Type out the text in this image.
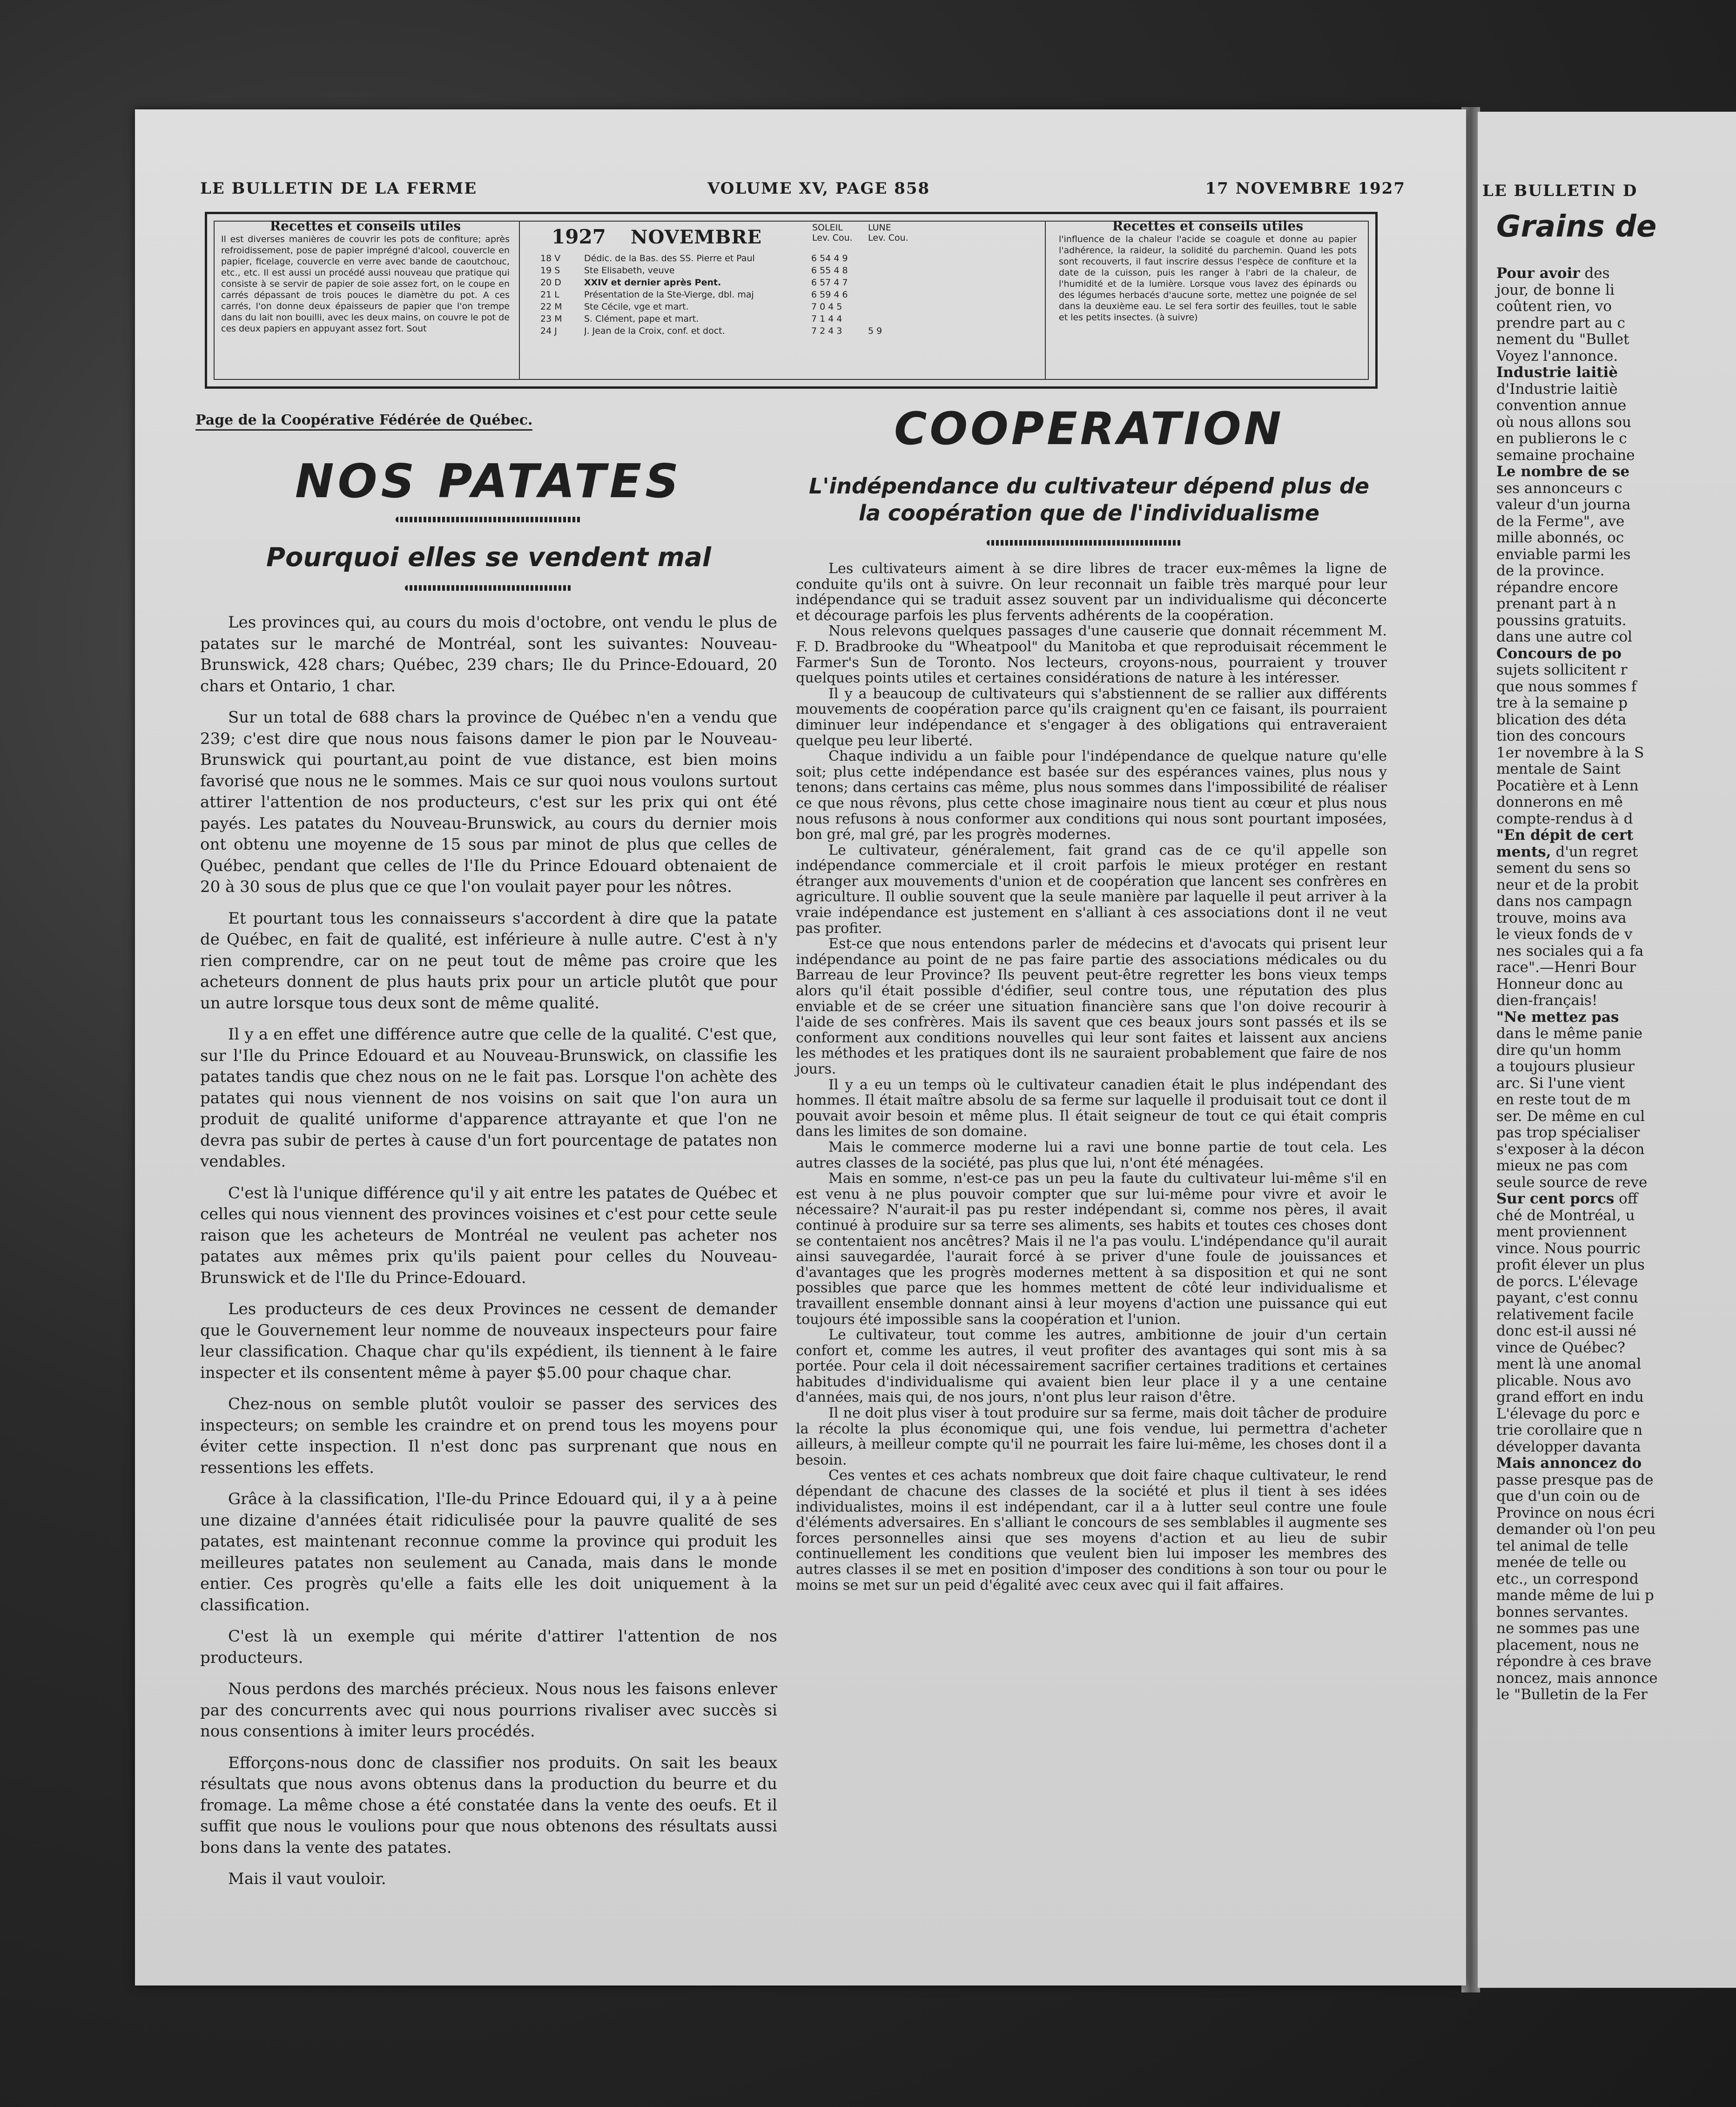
LE BULLETIN DE LA FERME	VOLUME XV, PAGE 858	17 NOVEMBRE 1927
Recettes et conseils utiles

Il est diverses manières de couvrir les pots de confiture; après refroidissement, pose de papier imprégné d'alcool, couvercle en papier, ficelage, couvercle en verre avec bande de caoutchouc, etc., etc. Il est aussi un procédé aussi nouveau que pratique qui consiste à se servir de papier de soie assez fort, on le coupe en carrés dépassant de trois pouces le diamètre du pot. A ces carrés, l'on donne deux épaisseurs de papier que l'on trempe dans du lait non bouilli, avec les deux mains, on couvre le pot de ces deux papiers en appuyant assez fort. Sout

1927 NOVEMBRE	SOLEIL
Lev. Cou.
LUNE
Lev. Cou.
18 V	Dédic. de la Bas. des SS. Pierre et Paul	6 54 4 9
19 S	Ste Elisabeth, veuve	6 55 4 8
20 D	XXIV et dernier après Pent.	6 57 4 7
21 L	Présentation de la Ste-Vierge, dbl. maj	6 59 4 6
22 M Ste Cécile, vge et mart.	7 0 4 5
23 M S. Clément, pape et mart.	7 1 4 4
24 J	J. Jean de la Croix, conf. et doct.	7 2 4 3	5 9
Recettes et conseils utiles

l'influence de la chaleur l'acide se coagule et donne au papier l'adhérence, la raideur, la solidité du parchemin. Quand les pots sont recouverts, il faut inscrire dessus l'espèce de confiture et la date de la cuisson, puis les ranger à l'abri de la chaleur, de l'humidité et de la lumière. Lorsque vous lavez des épinards ou des légumes herbacés d'aucune sorte, mettez une poignée de sel dans la deuxième eau. Le sel fera sortir des feuilles, tout le sable et les petits insectes. (à suivre)

Page de la Coopérative Fédérée de Québec.
NOS PATATES
Pourquoi elles se vendent mal

Les provinces qui, au cours du mois d'octobre, ont vendu le plus de patates sur le marché de Montréal, sont les suivantes: Nouveau-Brunswick, 428 chars; Québec, 239 chars; Ile du Prince-Edouard, 20 chars et Ontario, 1 char.

Sur un total de 688 chars la province de Québec n'en a vendu que 239; c'est dire que nous nous faisons damer le pion par le Nouveau-Brunswick qui pourtant,au point de vue distance, est bien moins favorisé que nous ne le sommes. Mais ce sur quoi nous voulons surtout attirer l'attention de nos producteurs, c'est sur les prix qui ont été payés. Les patates du Nouveau-Brunswick, au cours du dernier mois ont obtenu une moyenne de 15 sous par minot de plus que celles de Québec, pendant que celles de l'Ile du Prince Edouard obtenaient de 20 à 30 sous de plus que ce que l'on voulait payer pour les nôtres.

Et pourtant tous les connaisseurs s'accordent à dire que la patate de Québec, en fait de qualité, est inférieure à nulle autre. C'est à n'y rien comprendre, car on ne peut tout de même pas croire que les acheteurs donnent de plus hauts prix pour un article plutôt que pour un autre lorsque tous deux sont de même qualité.

Il y a en effet une différence autre que celle de la qualité. C'est que, sur l'Ile du Prince Edouard et au Nouveau-Brunswick, on classifie les patates tandis que chez nous on ne le fait pas. Lorsque l'on achète des patates qui nous viennent de nos voisins on sait que l'on aura un produit de qualité uniforme d'apparence attrayante et que l'on ne devra pas subir de pertes à cause d'un fort pourcentage de patates non vendables.

C'est là l'unique différence qu'il y ait entre les patates de Québec et celles qui nous viennent des provinces voisines et c'est pour cette seule raison que les acheteurs de Montréal ne veulent pas acheter nos patates aux mêmes prix qu'ils paient pour celles du Nouveau-Brunswick et de l'Ile du Prince-Edouard.

Les producteurs de ces deux Provinces ne cessent de demander que le Gouvernement leur nomme de nouveaux inspecteurs pour faire leur classification. Chaque char qu'ils expédient, ils tiennent à le faire inspecter et ils consentent même à payer $5.00 pour chaque char.

Chez-nous on semble plutôt vouloir se passer des services des inspecteurs; on semble les craindre et on prend tous les moyens pour éviter cette inspection. Il n'est donc pas surprenant que nous en ressentions les effets.

Grâce à la classification, l'Ile-du Prince Edouard qui, il y a à peine une dizaine d'années était ridiculisée pour la pauvre qualité de ses patates, est maintenant reconnue comme la province qui produit les meilleures patates non seulement au Canada, mais dans le monde entier. Ces progrès qu'elle a faits elle les doit uniquement à la classification.

C'est là un exemple qui mérite d'attirer l'attention de nos producteurs.

Nous perdons des marchés précieux. Nous nous les faisons enlever par des concurrents avec qui nous pourrions rivaliser avec succès si nous consentions à imiter leurs procédés.

Efforçons-nous donc de classifier nos produits. On sait les beaux résultats que nous avons obtenus dans la production du beurre et du fromage. La même chose a été constatée dans la vente des oeufs. Et il suffit que nous le voulions pour que nous obtenons des résultats aussi bons dans la vente des patates.

Mais il vaut vouloir.

COOPERATION
L'indépendance du cultivateur dépend plus de
la coopération que de l'individualisme

Les cultivateurs aiment à se dire libres de tracer eux-mêmes la ligne de conduite qu'ils ont à suivre. On leur reconnait un faible très marqué pour leur indépendance qui se traduit assez souvent par un individualisme qui déconcerte et décourage parfois les plus fervents adhérents de la coopération.

Nous relevons quelques passages d'une causerie que donnait récemment M. F. D. Bradbrooke du "Wheatpool" du Manitoba et que reproduisait récemment le Farmer's Sun de Toronto. Nos lecteurs, croyons-nous, pourraient y trouver quelques points utiles et certaines considérations de nature à les intéresser.

Il y a beaucoup de cultivateurs qui s'abstiennent de se rallier aux différents mouvements de coopération parce qu'ils craignent qu'en ce faisant, ils pourraient diminuer leur indépendance et s'engager à des obligations qui entraveraient quelque peu leur liberté.

Chaque individu a un faible pour l'indépendance de quelque nature qu'elle soit; plus cette indépendance est basée sur des espérances vaines, plus nous y tenons; dans certains cas même, plus nous sommes dans l'impossibilité de réaliser ce que nous rêvons, plus cette chose imaginaire nous tient au cœur et plus nous nous refusons à nous conformer aux conditions qui nous sont pourtant imposées, bon gré, mal gré, par les progrès modernes.

Le cultivateur, généralement, fait grand cas de ce qu'il appelle son indépendance commerciale et il croit parfois le mieux protéger en restant étranger aux mouvements d'union et de coopération que lancent ses confrères en agriculture. Il oublie souvent que la seule manière par laquelle il peut arriver à la vraie indépendance est justement en s'alliant à ces associations dont il ne veut pas profiter.

Est-ce que nous entendons parler de médecins et d'avocats qui prisent leur indépendance au point de ne pas faire partie des associations médicales ou du Barreau de leur Province? Ils peuvent peut-être regretter les bons vieux temps alors qu'il était possible d'édifier, seul contre tous, une réputation des plus enviable et de se créer une situation financière sans que l'on doive recourir à l'aide de ses confrères. Mais ils savent que ces beaux jours sont passés et ils se conforment aux conditions nouvelles qui leur sont faites et laissent aux anciens les méthodes et les pratiques dont ils ne sauraient probablement que faire de nos jours.

Il y a eu un temps où le cultivateur canadien était le plus indépendant des hommes. Il était maître absolu de sa ferme sur laquelle il produisait tout ce dont il pouvait avoir besoin et même plus. Il était seigneur de tout ce qui était compris dans les limites de son domaine.

Mais le commerce moderne lui a ravi une bonne partie de tout cela. Les autres classes de la société, pas plus que lui, n'ont été ménagées.

Mais en somme, n'est-ce pas un peu la faute du cultivateur lui-même s'il en est venu à ne plus pouvoir compter que sur lui-même pour vivre et avoir le nécessaire? N'aurait-il pas pu rester indépendant si, comme nos pères, il avait continué à produire sur sa terre ses aliments, ses habits et toutes ces choses dont se contentaient nos ancêtres? Mais il ne l'a pas voulu. L'indépendance qu'il aurait ainsi sauvegardée, l'aurait forcé à se priver d'une foule de jouissances et d'avantages que les progrès modernes mettent à sa disposition et qui ne sont possibles que parce que les hommes mettent de côté leur individualisme et travaillent ensemble donnant ainsi à leur moyens d'action une puissance qui eut toujours été impossible sans la coopération et l'union.

Le cultivateur, tout comme les autres, ambitionne de jouir d'un certain confort et, comme les autres, il veut profiter des avantages qui sont mis à sa portée. Pour cela il doit nécessairement sacrifier certaines traditions et certaines habitudes d'individualisme qui avaient bien leur place il y a une centaine d'années, mais qui, de nos jours, n'ont plus leur raison d'être.

Il ne doit plus viser à tout produire sur sa ferme, mais doit tâcher de produire la récolte la plus économique qui, une fois vendue, lui permettra d'acheter ailleurs, à meilleur compte qu'il ne pourrait les faire lui-même, les choses dont il a besoin.

Ces ventes et ces achats nombreux que doit faire chaque cultivateur, le rend dépendant de chacune des classes de la société et plus il tient à ses idées individualistes, moins il est indépendant, car il a à lutter seul contre une foule d'éléments adversaires. En s'alliant le concours de ses semblables il augmente ses forces personnelles ainsi que ses moyens d'action et au lieu de subir continuellement les conditions que veulent bien lui imposer les membres des autres classes il se met en position d'imposer des conditions à son tour ou pour le moins se met sur un peid d'égalité avec ceux avec qui il fait affaires.

LE BULLETIN D
Grains de
Pour avoir des
jour, de bonne li
coûtent rien, vo
prendre part au c
nement du "Bullet
Voyez l'annonce.
Industrie laitiè
d'Industrie laitiè
convention annue
où nous allons sou
en publierons le c
semaine prochaine
Le nombre de se
ses annonceurs c
valeur d'un journa
de la Ferme", ave
mille abonnés, oc
enviable parmi les
de la province.
répandre encore
prenant part à n
poussins gratuits.
dans une autre col
Concours de po
sujets sollicitent r
que nous sommes f
tre à la semaine p
blication des déta
tion des concours
1er novembre à la S
mentale de Saint
Pocatière et à Lenn
donnerons en mê
compte-rendus à d
"En dépit de cert
ments, d'un regret
sement du sens so
neur et de la probit
dans nos campagn
trouve, moins ava
le vieux fonds de v
nes sociales qui a fa
race".—Henri Bour
Honneur donc au
dien-français!
"Ne mettez pas
dans le même panie
dire qu'un homm
a toujours plusieur
arc. Si l'une vient
en reste tout de m
ser. De même en cul
pas trop spécialiser
s'exposer à la décon
mieux ne pas com
seule source de reve
Sur cent porcs off
ché de Montréal, u
ment proviennent
vince. Nous pourric
profit élever un plus
de porcs. L'élevage
payant, c'est connu
relativement facile
donc est-il aussi né
vince de Québec?
ment là une anomal
plicable. Nous avo
grand effort en indu
L'élevage du porc e
trie corollaire que n
développer davanta
Mais annoncez do
passe presque pas de
que d'un coin ou de
Province on nous écri
demander où l'on peu
tel animal de telle
menée de telle ou
etc., un correspond
mande même de lui p
bonnes servantes.
ne sommes pas une
placement, nous ne
répondre à ces brave
noncez, mais annonce
le "Bulletin de la Fer
